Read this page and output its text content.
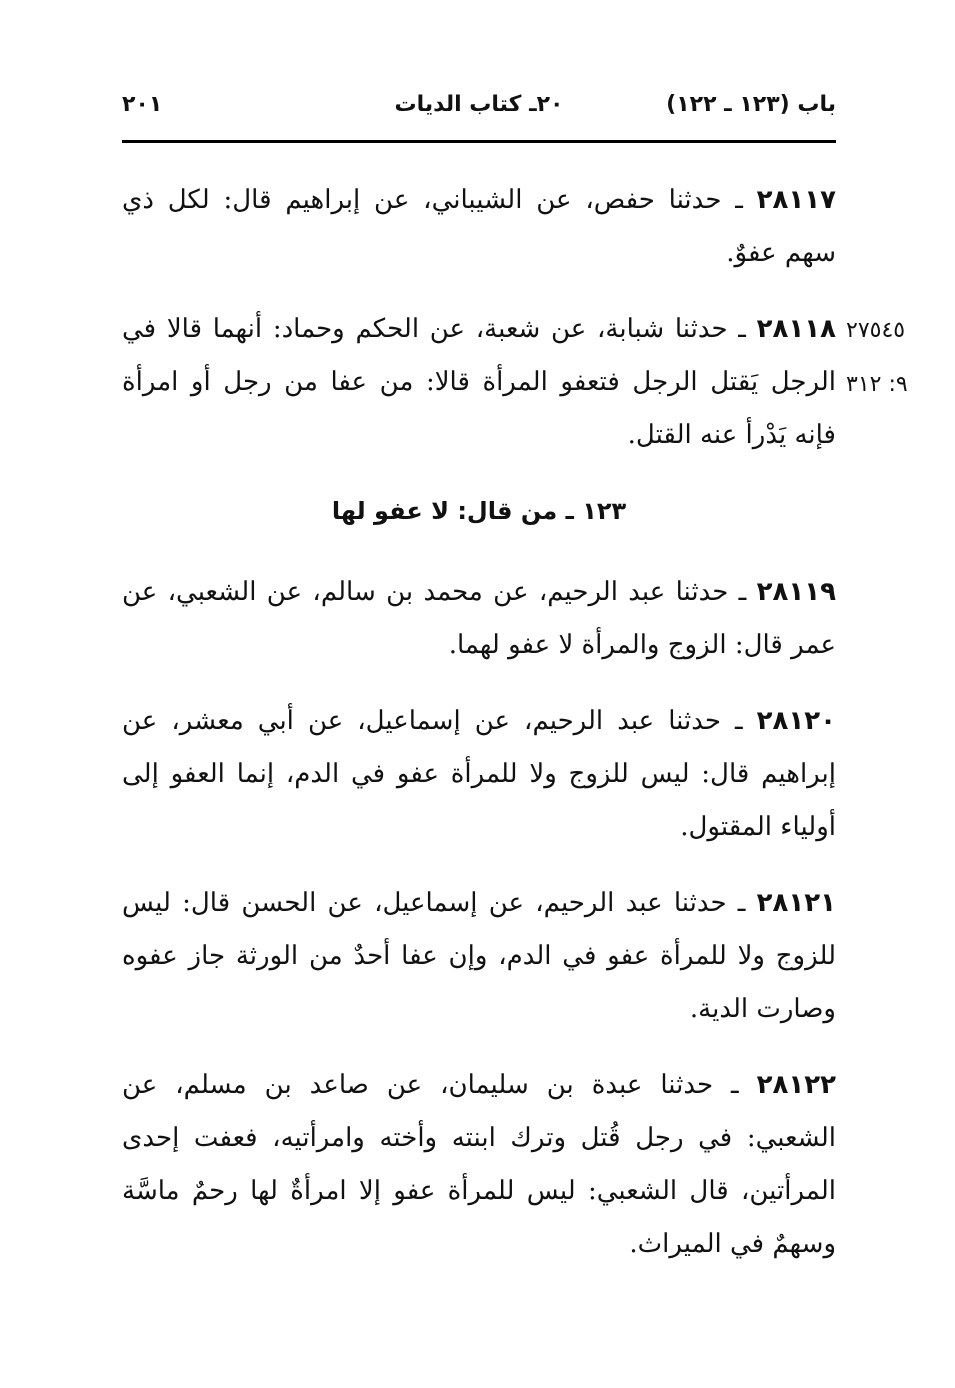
باب (١٢٣ ـ ١٢٢)
٢٠ـ كتاب الديات
٢٠١
٢٧٥٤٥
٩: ٣١٢

٢٨١١٧ ـ حدثنا حفص، عن الشيباني، عن إبراهيم قال: لكل ذي سهم عفوٌ.

٢٨١١٨ ـ حدثنا شبابة، عن شعبة، عن الحكم وحماد: أنهما قالا في الرجل يَقتل الرجل فتعفو المرأة قالا: من عفا من رجل أو امرأة فإنه يَدْرأ عنه القتل.

١٢٣ ـ من قال: لا عفو لها

٢٨١١٩ ـ حدثنا عبد الرحيم، عن محمد بن سالم، عن الشعبي، عن عمر قال: الزوج والمرأة لا عفو لهما.

٢٨١٢٠ ـ حدثنا عبد الرحيم، عن إسماعيل، عن أبي معشر، عن إبراهيم قال: ليس للزوج ولا للمرأة عفو في الدم، إنما العفو إلى أولياء المقتول.

٢٨١٢١ ـ حدثنا عبد الرحيم، عن إسماعيل، عن الحسن قال: ليس للزوج ولا للمرأة عفو في الدم، وإن عفا أحدٌ من الورثة جاز عفوه وصارت الدية.

٢٨١٢٢ ـ حدثنا عبدة بن سليمان، عن صاعد بن مسلم، عن الشعبي: في رجل قُتل وترك ابنته وأخته وامرأتيه، فعفت إحدى المرأتين، قال الشعبي: ليس للمرأة عفو إلا امرأةٌ لها رحمٌ ماسَّة وسهمٌ في الميراث.
